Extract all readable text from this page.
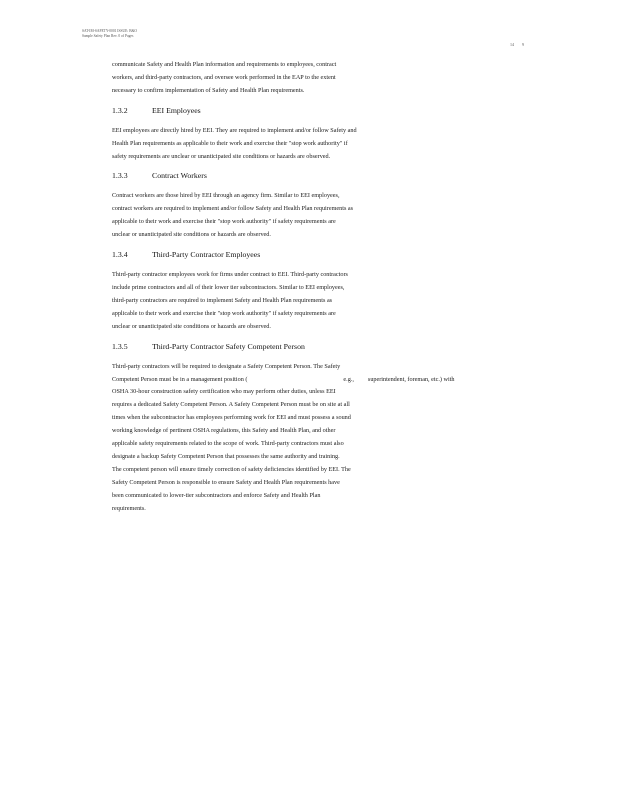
SAT-IM-SAFETY-0001 ISSUE: B&O
Sample Safety Plan Rev. 0 of Pages
14 9

communicate Safety and Health Plan information and requirements to employees, contract
workers, and third-party contractors, and oversee work performed in the EAP to the extent
necessary to confirm implementation of Safety and Health Plan requirements.

1.3.2	EEI Employees

EEI employees are directly hired by EEI. They are required to implement and/or follow Safety and
Health Plan requirements as applicable to their work and exercise their "stop work authority" if
safety requirements are unclear or unanticipated site conditions or hazards are observed.

1.3.3	Contract Workers

Contract workers are those hired by EEI through an agency firm. Similar to EEI employees,
contract workers are required to implement and/or follow Safety and Health Plan requirements as
applicable to their work and exercise their "stop work authority" if safety requirements are
unclear or unanticipated site conditions or hazards are observed.

1.3.4	Third-Party Contractor Employees

Third-party contractor employees work for firms under contract to EEI. Third-party contractors
include prime contractors and all of their lower tier subcontractors. Similar to EEI employees,
third-party contractors are required to implement Safety and Health Plan requirements as
applicable to their work and exercise their "stop work authority" if safety requirements are
unclear or unanticipated site conditions or hazards are observed.

1.3.5	Third-Party Contractor Safety Competent Person

Third-party contractors will be required to designate a Safety Competent Person. The Safety
Competent Person must be in a management position (	e.g., superintendent, foreman, etc.) with
OSHA 30-hour construction safety certification who may perform other duties, unless EEI
requires a dedicated Safety Competent Person. A Safety Competent Person must be on site at all
times when the subcontractor has employees performing work for EEI and must possess a sound
working knowledge of pertinent OSHA regulations, this Safety and Health Plan, and other
applicable safety requirements related to the scope of work. Third-party contractors must also
designate a backup Safety Competent Person that possesses the same authority and training.
The competent person will ensure timely correction of safety deficiencies identified by EEI. The
Safety Competent Person is responsible to ensure Safety and Health Plan requirements have
been communicated to lower-tier subcontractors and enforce Safety and Health Plan
requirements.
